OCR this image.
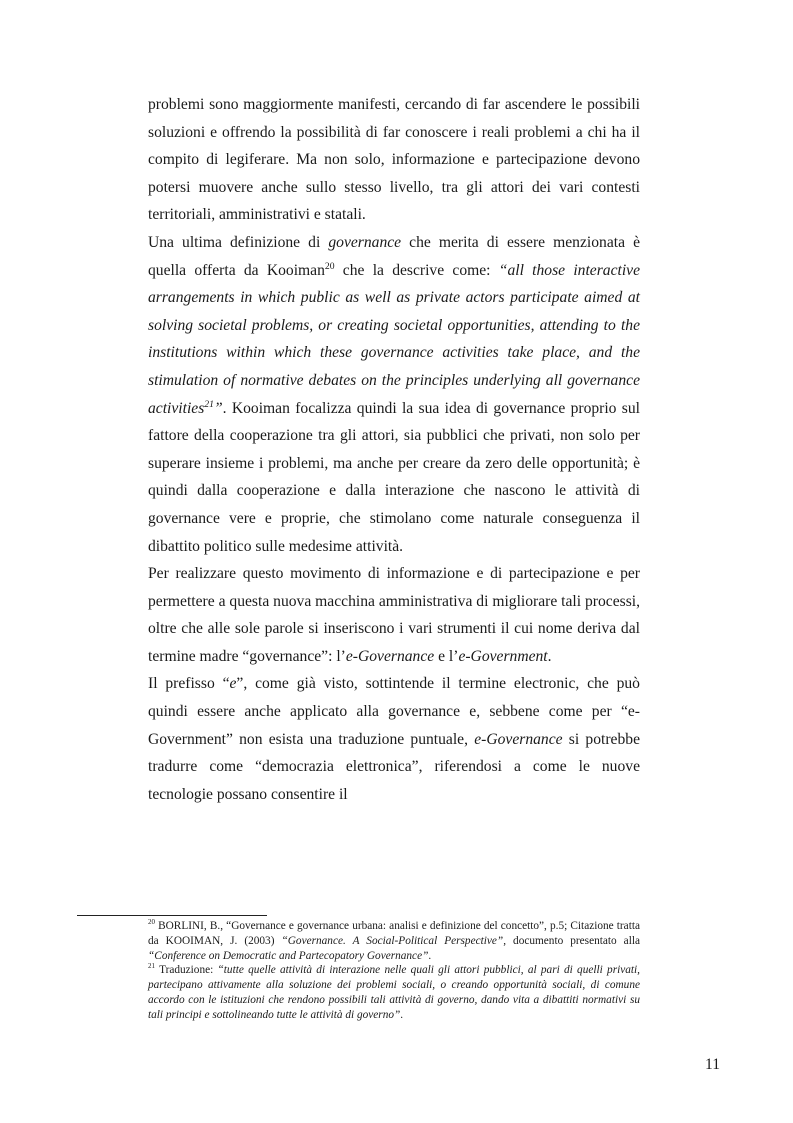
problemi sono maggiormente manifesti, cercando di far ascendere le possibili soluzioni e offrendo la possibilità di far conoscere i reali problemi a chi ha il compito di legiferare. Ma non solo, informazione e partecipazione devono potersi muovere anche sullo stesso livello, tra gli attori dei vari contesti territoriali, amministrativi e statali.

Una ultima definizione di governance che merita di essere menzionata è quella offerta da Kooiman$^{20}$ che la descrive come: “all those interactive arrangements in which public as well as private actors participate aimed at solving societal problems, or creating societal opportunities, attending to the institutions within which these governance activities take place, and the stimulation of normative debates on the principles underlying all governance activities$^{21}$”. Kooiman focalizza quindi la sua idea di governance proprio sul fattore della cooperazione tra gli attori, sia pubblici che privati, non solo per superare insieme i problemi, ma anche per creare da zero delle opportunità; è quindi dalla cooperazione e dalla interazione che nascono le attività di governance vere e proprie, che stimolano come naturale conseguenza il dibattito politico sulle medesime attività.

Per realizzare questo movimento di informazione e di partecipazione e per permettere a questa nuova macchina amministrativa di migliorare tali processi, oltre che alle sole parole si inseriscono i vari strumenti il cui nome deriva dal termine madre “governance”: l’e-Governance e l’e-Government.

Il prefisso “e”, come già visto, sottintende il termine electronic, che può quindi essere anche applicato alla governance e, sebbene come per “e-Government” non esista una traduzione puntuale, e-Governance si potrebbe tradurre come “democrazia elettronica”, riferendosi a come le nuove tecnologie possano consentire il

$^{20}$ BORLINI, B., “Governance e governance urbana: analisi e definizione del concetto”, p.5; Citazione tratta da KOOIMAN, J. (2003) “Governance. A Social-Political Perspective”, documento presentato alla “Conference on Democratic and Partecopatory Governance”.

$^{21}$ Traduzione: “tutte quelle attività di interazione nelle quali gli attori pubblici, al pari di quelli privati, partecipano attivamente alla soluzione dei problemi sociali, o creando opportunità sociali, di comune accordo con le istituzioni che rendono possibili tali attività di governo, dando vita a dibattiti normativi su tali principi e sottolineando tutte le attività di governo”.

11
